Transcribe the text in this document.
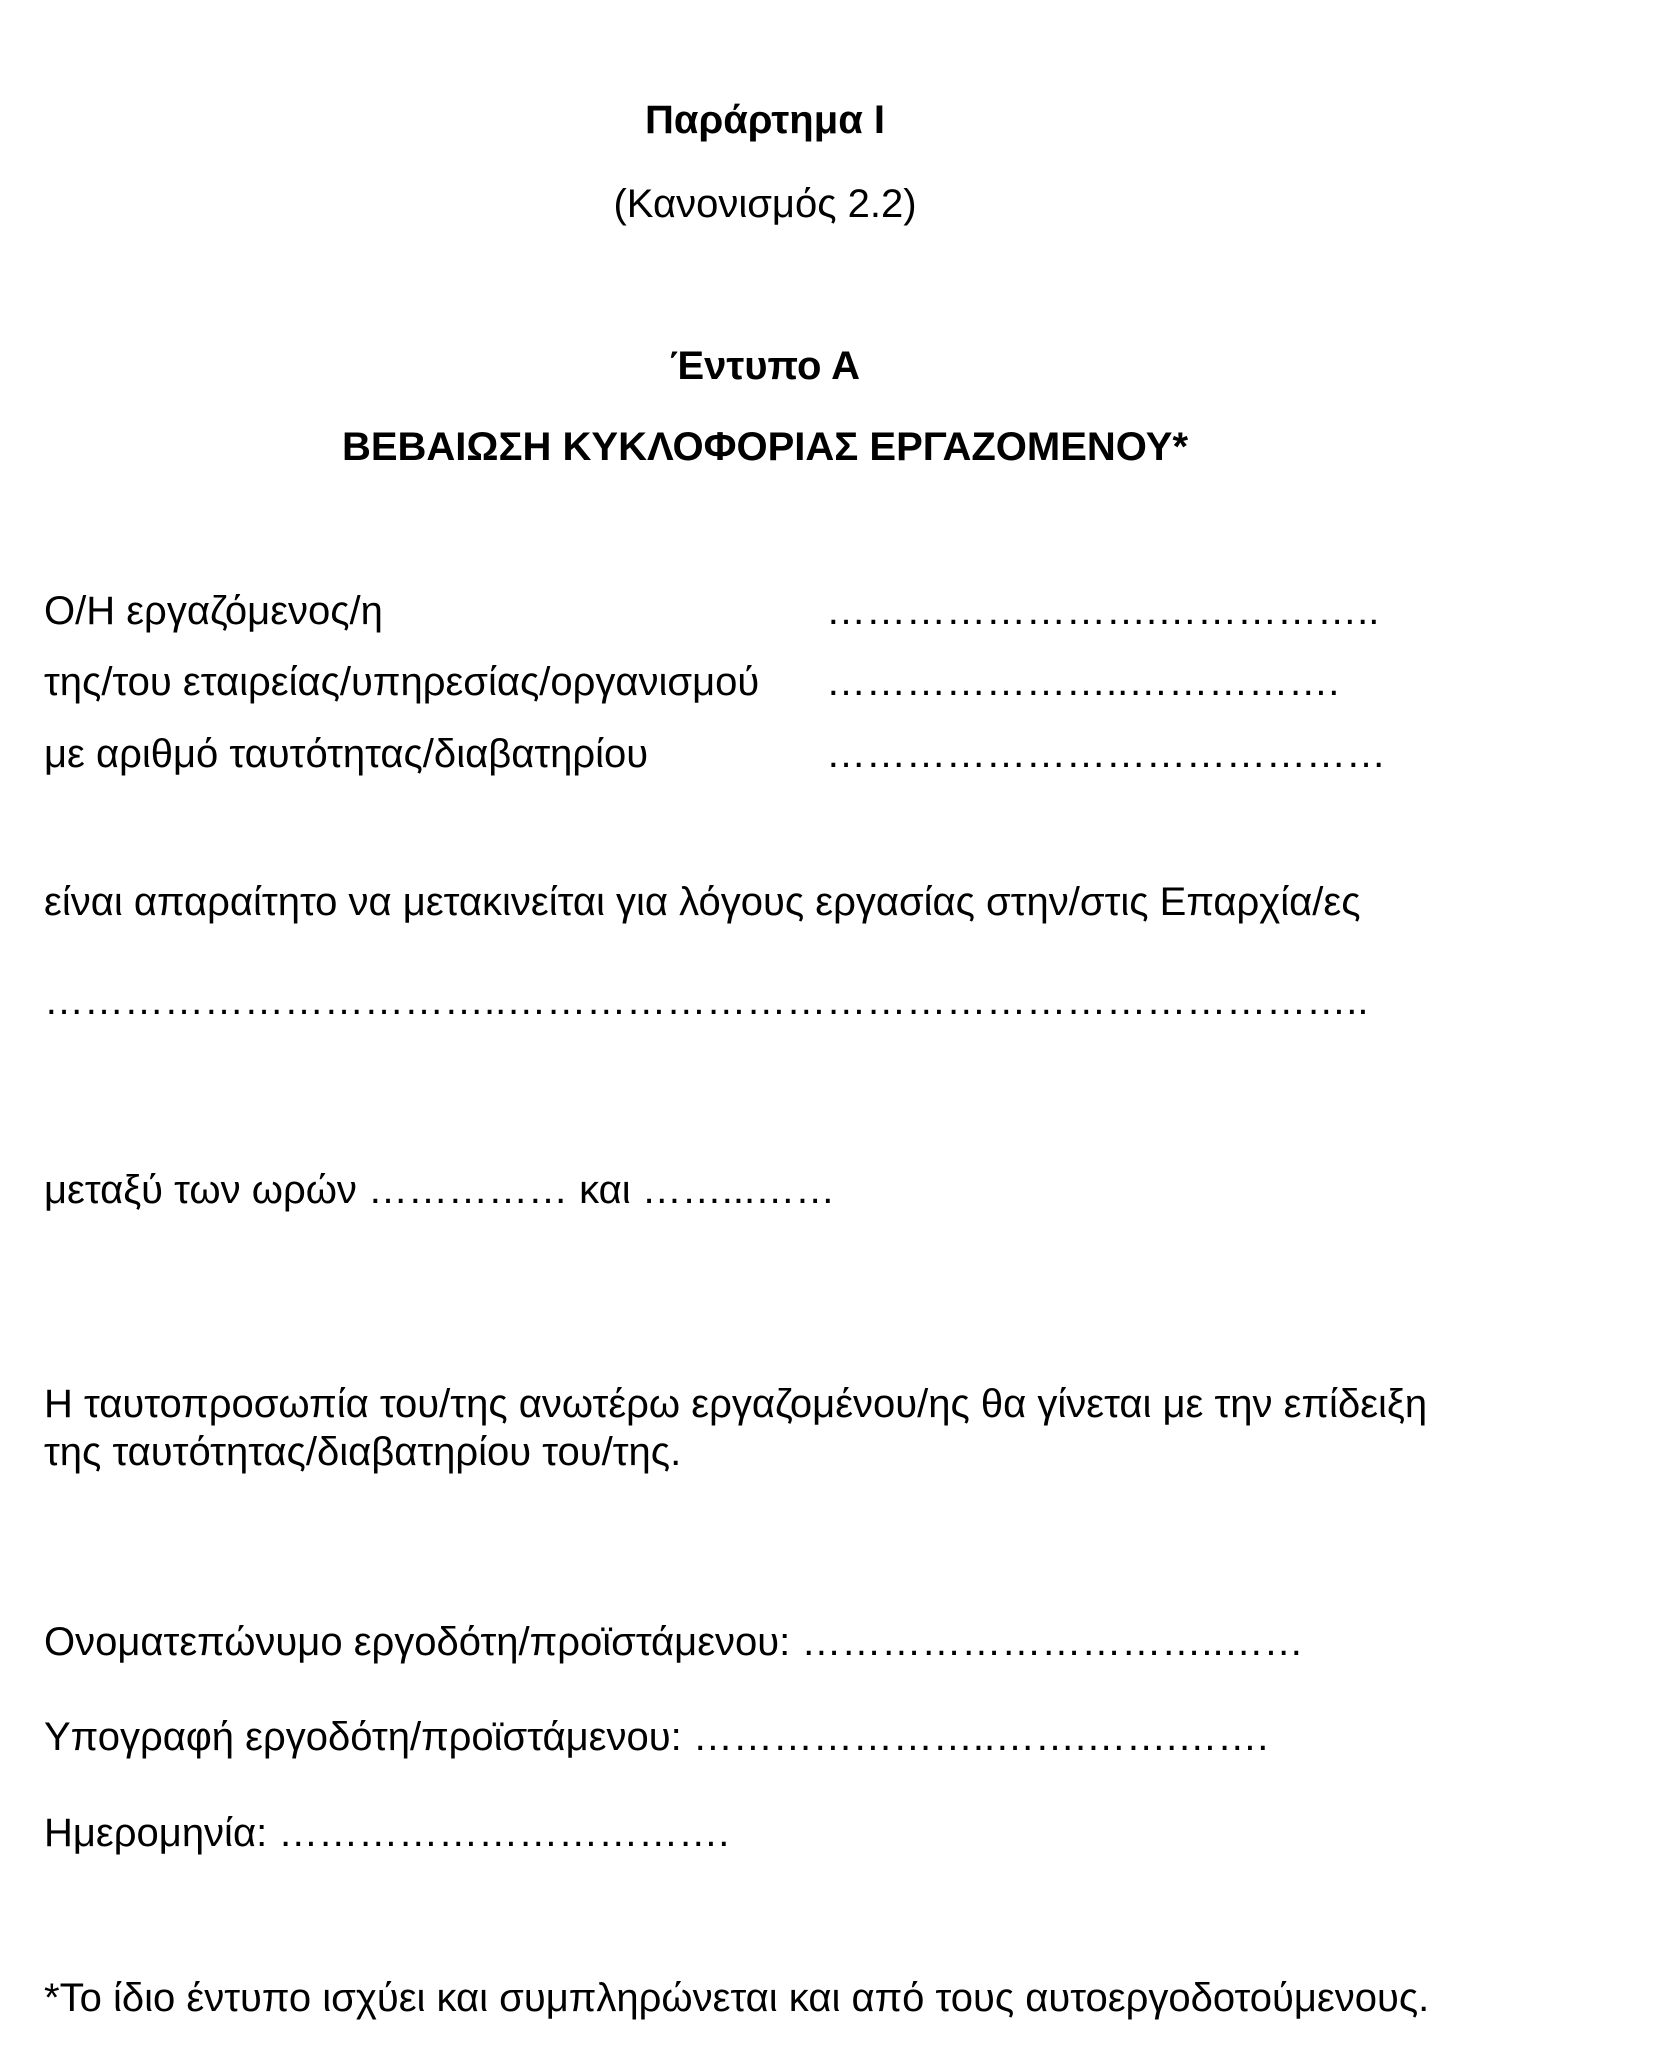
Παράρτημα Ι
(Κανονισμός 2.2)
Έντυπο Α
ΒΕΒΑΙΩΣΗ ΚΥΚΛΟΦΟΡΙΑΣ ΕΡΓΑΖΟΜΕΝΟΥ*
Ο/Η εργαζόμενος/η	…………………….……………..
της/του εταιρείας/υπηρεσίας/οργανισμού …………………..…………….
με αριθμό ταυτότητας/διαβατηρίου	……………………………………
είναι απαραίτητο να μετακινείται για λόγους εργασίας στην/στις Επαρχία/ες
……………………………..………………………………………………………..
μεταξύ των ωρών …………… και ……...……
Η ταυτοπροσωπία του/της ανωτέρω εργαζομένου/ης θα γίνεται με την επίδειξη
της ταυτότητας/διαβατηρίου του/της.
Ονοματεπώνυμο εργοδότη/προϊστάμενου: …………………………..……
Υπογραφή εργοδότη/προϊστάμενου: …………………..…….…….…….
Ημερομηνία: …………………………….
*Το ίδιο έντυπο ισχύει και συμπληρώνεται και από τους αυτοεργοδοτούμενους.
